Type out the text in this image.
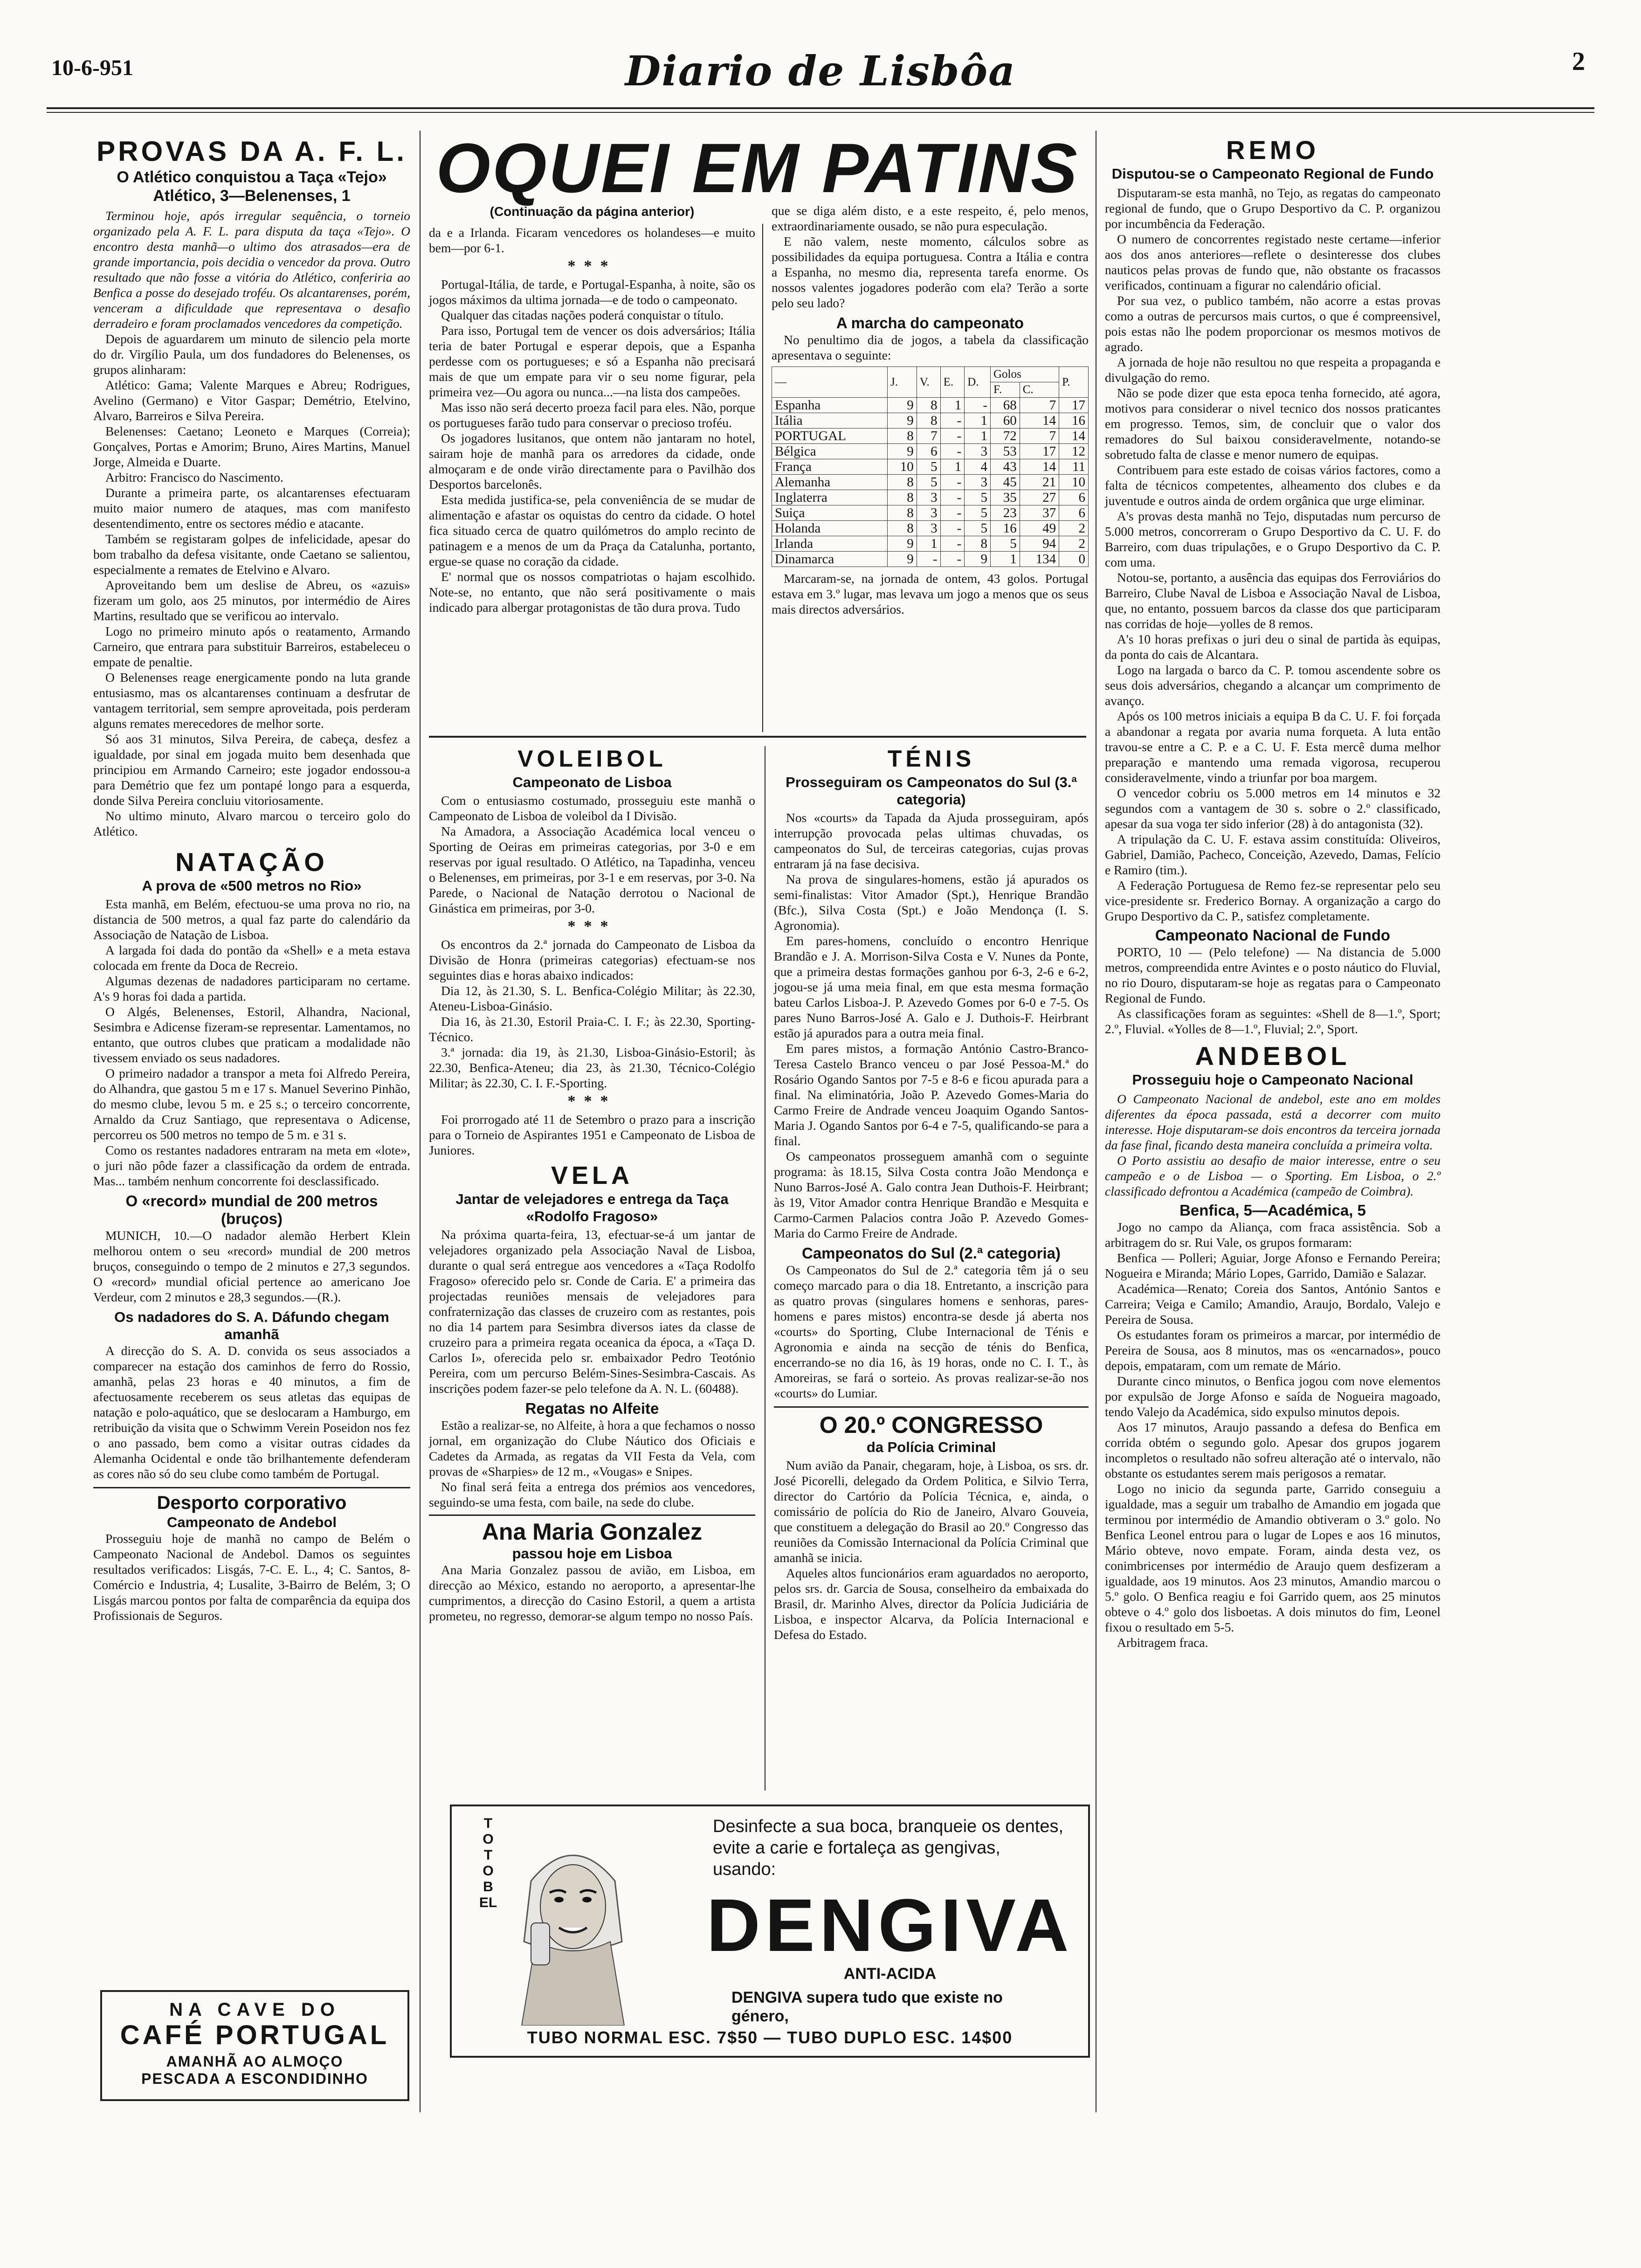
10-6-951	Diario de Lisbôa	2
PROVAS DA A. F. L.
O Atlético conquistou a Taça «Tejo»
Atlético, 3—Belenenses, 1

Terminou hoje, após irregular sequência, o torneio organizado pela A. F. L. para disputa da taça «Tejo». O encontro desta manhã—o ultimo dos atrasados—era de grande importancia, pois decidia o vencedor da prova. Outro resultado que não fosse a vitória do Atlético, conferiria ao Benfica a posse do desejado troféu. Os alcantarenses, porém, venceram a dificuldade que representava o desafio derradeiro e foram proclamados vencedores da competição.

Depois de aguardarem um minuto de silencio pela morte do dr. Virgílio Paula, um dos fundadores do Belenenses, os grupos alinharam:

Atlético: Gama; Valente Marques e Abreu; Rodrigues, Avelino (Germano) e Vitor Gaspar; Demétrio, Etelvino, Alvaro, Barreiros e Silva Pereira.

Belenenses: Caetano; Leoneto e Marques (Correia); Gonçalves, Portas e Amorim; Bruno, Aires Martins, Manuel Jorge, Almeida e Duarte.

Arbitro: Francisco do Nascimento.

Durante a primeira parte, os alcantarenses efectuaram muito maior numero de ataques, mas com manifesto desentendimento, entre os sectores médio e atacante.

Também se registaram golpes de infelicidade, apesar do bom trabalho da defesa visitante, onde Caetano se salientou, especialmente a remates de Etelvino e Alvaro.

Aproveitando bem um deslise de Abreu, os «azuis» fizeram um golo, aos 25 minutos, por intermédio de Aires Martins, resultado que se verificou ao intervalo.

Logo no primeiro minuto após o reatamento, Armando Carneiro, que entrara para substituir Barreiros, estabeleceu o empate de penaltie.

O Belenenses reage energicamente pondo na luta grande entusiasmo, mas os alcantarenses continuam a desfrutar de vantagem territorial, sem sempre aproveitada, pois perderam alguns remates merecedores de melhor sorte.

Só aos 31 minutos, Silva Pereira, de cabeça, desfez a igualdade, por sinal em jogada muito bem desenhada que principiou em Armando Carneiro; este jogador endossou-a para Demétrio que fez um pontapé longo para a esquerda, donde Silva Pereira concluiu vitoriosamente.

No ultimo minuto, Alvaro marcou o terceiro golo do Atlético.

NATAÇÃO
A prova de «500 metros no Rio»

Esta manhã, em Belém, efectuou-se uma prova no rio, na distancia de 500 metros, a qual faz parte do calendário da Associação de Natação de Lisboa.

A largada foi dada do pontão da «Shell» e a meta estava colocada em frente da Doca de Recreio.

Algumas dezenas de nadadores participaram no certame. A's 9 horas foi dada a partida.

O Algés, Belenenses, Estoril, Alhandra, Nacional, Sesimbra e Adicense fizeram-se representar. Lamentamos, no entanto, que outros clubes que praticam a modalidade não tivessem enviado os seus nadadores.

O primeiro nadador a transpor a meta foi Alfredo Pereira, do Alhandra, que gastou 5 m e 17 s. Manuel Severino Pinhão, do mesmo clube, levou 5 m. e 25 s.; o terceiro concorrente, Arnaldo da Cruz Santiago, que representava o Adicense, percorreu os 500 metros no tempo de 5 m. e 31 s.

Como os restantes nadadores entraram na meta em «lote», o juri não pôde fazer a classificação da ordem de entrada. Mas... também nenhum concorrente foi desclassificado.

O «record» mundial de 200 metros (bruços)

MUNICH, 10.—O nadador alemão Herbert Klein melhorou ontem o seu «record» mundial de 200 metros bruços, conseguindo o tempo de 2 minutos e 27,3 segundos. O «record» mundial oficial pertence ao americano Joe Verdeur, com 2 minutos e 28,3 segundos.—(R.).

Os nadadores do S. A. Dáfundo chegam amanhã

A direcção do S. A. D. convida os seus associados a comparecer na estação dos caminhos de ferro do Rossio, amanhã, pelas 23 horas e 40 minutos, a fim de afectuosamente receberem os seus atletas das equipas de natação e polo-aquático, que se deslocaram a Hamburgo, em retribuição da visita que o Schwimm Verein Poseidon nos fez o ano passado, bem como a visitar outras cidades da Alemanha Ocidental e onde tão brilhantemente defenderam as cores não só do seu clube como também de Portugal.

Desporto corporativo
Campeonato de Andebol

Prosseguiu hoje de manhã no campo de Belém o Campeonato Nacional de Andebol. Damos os seguintes resultados verificados: Lisgás, 7-C. E. L., 4; C. Santos, 8-Comércio e Industria, 4; Lusalite, 3-Bairro de Belém, 3; O Lisgás marcou pontos por falta de comparência da equipa dos Profissionais de Seguros.

NA CAVE DO
CAFÉ PORTUGAL
AMANHÃ AO ALMOÇO
PESCADA A ESCONDIDINHO
OQUEI EM PATINS
(Continuação da página anterior)

da e a Irlanda. Ficaram vencedores os holandeses—e muito bem—por 6-1.

***

Portugal-Itália, de tarde, e Portugal-Espanha, à noite, são os jogos máximos da ultima jornada—e de todo o campeonato.

Qualquer das citadas nações poderá conquistar o título.

Para isso, Portugal tem de vencer os dois adversários; Itália teria de bater Portugal e esperar depois, que a Espanha perdesse com os portugueses; e só a Espanha não precisará mais de que um empate para vir o seu nome figurar, pela primeira vez—Ou agora ou nunca...—na lista dos campeões.

Mas isso não será decerto proeza facil para eles. Não, porque os portugueses farão tudo para conservar o precioso troféu.

Os jogadores lusitanos, que ontem não jantaram no hotel, sairam hoje de manhã para os arredores da cidade, onde almoçaram e de onde virão directamente para o Pavilhão dos Desportos barcelonês.

Esta medida justifica-se, pela conveniência de se mudar de alimentação e afastar os oquistas do centro da cidade. O hotel fica situado cerca de quatro quilómetros do amplo recinto de patinagem e a menos de um da Praça da Catalunha, portanto, ergue-se quase no coração da cidade.

E' normal que os nossos compatriotas o hajam escolhido. Note-se, no entanto, que não será positivamente o mais indicado para albergar protagonistas de tão dura prova. Tudo

que se diga além disto, e a este respeito, é, pelo menos, extraordinariamente ousado, se não pura especulação.

E não valem, neste momento, cálculos sobre as possibilidades da equipa portuguesa. Contra a Itália e contra a Espanha, no mesmo dia, representa tarefa enorme. Os nossos valentes jogadores poderão com ela? Terão a sorte pelo seu lado?

A marcha do campeonato

No penultimo dia de jogos, a tabela da classificação apresentava o seguinte:

—	J.	V.	E.	D.	Golos		P.
					F.	C.	
Espanha	9	8	1	-	68	7	17
Itália	9	8	-	1	60	14	16
PORTUGAL	8	7	-	1	72	7	14
Bélgica	9	6	-	3	53	17	12
França	10	5	1	4	43	14	11
Alemanha	8	5	-	3	45	21	10
Inglaterra	8	3	-	5	35	27	6
Suiça	8	3	-	5	23	37	6
Holanda	8	3	-	5	16	49	2
Irlanda	9	1	-	8	5	94	2
Dinamarca	9	-	-	9	1	134	0

Marcaram-se, na jornada de ontem, 43 golos. Portugal estava em 3.º lugar, mas levava um jogo a menos que os seus mais directos adversários.

VOLEIBOL
Campeonato de Lisboa

Com o entusiasmo costumado, prosseguiu este manhã o Campeonato de Lisboa de voleibol da I Divisão.

Na Amadora, a Associação Académica local venceu o Sporting de Oeiras em primeiras categorias, por 3-0 e em reservas por igual resultado. O Atlético, na Tapadinha, venceu o Belenenses, em primeiras, por 3-1 e em reservas, por 3-0. Na Parede, o Nacional de Natação derrotou o Nacional de Ginástica em primeiras, por 3-0.

***

Os encontros da 2.ª jornada do Campeonato de Lisboa da Divisão de Honra (primeiras categorias) efectuam-se nos seguintes dias e horas abaixo indicados:

Dia 12, às 21.30, S. L. Benfica-Colégio Militar; às 22.30, Ateneu-Lisboa-Ginásio.

Dia 16, às 21.30, Estoril Praia-C. I. F.; às 22.30, Sporting-Técnico.

3.ª jornada: dia 19, às 21.30, Lisboa-Ginásio-Estoril; às 22.30, Benfica-Ateneu; dia 23, às 21.30, Técnico-Colégio Militar; às 22.30, C. I. F.-Sporting.

***

Foi prorrogado até 11 de Setembro o prazo para a inscrição para o Torneio de Aspirantes 1951 e Campeonato de Lisboa de Juniores.

VELA
Jantar de velejadores e entrega da Taça «Rodolfo Fragoso»

Na próxima quarta-feira, 13, efectuar-se-á um jantar de velejadores organizado pela Associação Naval de Lisboa, durante o qual será entregue aos vencedores a «Taça Rodolfo Fragoso» oferecido pelo sr. Conde de Caria. E' a primeira das projectadas reuniões mensais de velejadores para confraternização das classes de cruzeiro com as restantes, pois no dia 14 partem para Sesimbra diversos iates da classe de cruzeiro para a primeira regata oceanica da época, a «Taça D. Carlos I», oferecida pelo sr. embaixador Pedro Teotónio Pereira, com um percurso Belém-Sines-Sesimbra-Cascais. As inscrições podem fazer-se pelo telefone da A. N. L. (60488).

Regatas no Alfeite

Estão a realizar-se, no Alfeite, à hora a que fechamos o nosso jornal, em organização do Clube Náutico dos Oficiais e Cadetes da Armada, as regatas da VII Festa da Vela, com provas de «Sharpies» de 12 m., «Vougas» e Snipes.

No final será feita a entrega dos prémios aos vencedores, seguindo-se uma festa, com baile, na sede do clube.

Ana Maria Gonzalez
passou hoje em Lisboa

Ana Maria Gonzalez passou de avião, em Lisboa, em direcção ao México, estando no aeroporto, a apresentar-lhe cumprimentos, a direcção do Casino Estoril, a quem a artista prometeu, no regresso, demorar-se algum tempo no nosso País.

TÉNIS
Prosseguiram os Campeonatos do Sul (3.ª categoria)

Nos «courts» da Tapada da Ajuda prosseguiram, após interrupção provocada pelas ultimas chuvadas, os campeonatos do Sul, de terceiras categorias, cujas provas entraram já na fase decisiva.

Na prova de singulares-homens, estão já apurados os semi-finalistas: Vitor Amador (Spt.), Henrique Brandão (Bfc.), Silva Costa (Spt.) e João Mendonça (I. S. Agronomia).

Em pares-homens, concluído o encontro Henrique Brandão e J. A. Morrison-Silva Costa e V. Nunes da Ponte, que a primeira destas formações ganhou por 6-3, 2-6 e 6-2, jogou-se já uma meia final, em que esta mesma formação bateu Carlos Lisboa-J. P. Azevedo Gomes por 6-0 e 7-5. Os pares Nuno Barros-José A. Galo e J. Duthois-F. Heirbrant estão já apurados para a outra meia final.

Em pares mistos, a formação António Castro-Branco-Teresa Castelo Branco venceu o par José Pessoa-M.ª do Rosário Ogando Santos por 7-5 e 8-6 e ficou apurada para a final. Na eliminatória, João P. Azevedo Gomes-Maria do Carmo Freire de Andrade venceu Joaquim Ogando Santos-Maria J. Ogando Santos por 6-4 e 7-5, qualificando-se para a final.

Os campeonatos prosseguem amanhã com o seguinte programa: às 18.15, Silva Costa contra João Mendonça e Nuno Barros-José A. Galo contra Jean Duthois-F. Heirbrant; às 19, Vitor Amador contra Henrique Brandão e Mesquita e Carmo-Carmen Palacios contra João P. Azevedo Gomes-Maria do Carmo Freire de Andrade.

Campeonatos do Sul (2.ª categoria)

Os Campeonatos do Sul de 2.ª categoria têm já o seu começo marcado para o dia 18. Entretanto, a inscrição para as quatro provas (singulares homens e senhoras, pares-homens e pares mistos) encontra-se desde já aberta nos «courts» do Sporting, Clube Internacional de Ténis e Agronomia e ainda na secção de ténis do Benfica, encerrando-se no dia 16, às 19 horas, onde no C. I. T., às Amoreiras, se fará o sorteio. As provas realizar-se-ão nos «courts» do Lumiar.

O 20.º CONGRESSO
da Polícia Criminal

Num avião da Panair, chegaram, hoje, à Lisboa, os srs. dr. José Picorelli, delegado da Ordem Politica, e Silvio Terra, director do Cartório da Polícia Técnica, e, ainda, o comissário de polícia do Rio de Janeiro, Alvaro Gouveia, que constituem a delegação do Brasil ao 20.º Congresso das reuniões da Comissão Internacional da Polícia Criminal que amanhã se inicia.

Aqueles altos funcionários eram aguardados no aeroporto, pelos srs. dr. Garcia de Sousa, conselheiro da embaixada do Brasil, dr. Marinho Alves, director da Polícia Judiciária de Lisboa, e inspector Alcarva, da Polícia Internacional e Defesa do Estado.

TOTOBEL
Desinfecte a sua boca, branqueie os dentes, evite a carie e fortaleça as gengivas, usando:
DENGIVA
ANTI-ACIDA
DENGIVA supera tudo que existe no género,
TUBO NORMAL ESC. 7$50 — TUBO DUPLO ESC. 14$00
REMO
Disputou-se o Campeonato Regional de Fundo

Disputaram-se esta manhã, no Tejo, as regatas do campeonato regional de fundo, que o Grupo Desportivo da C. P. organizou por incumbência da Federação.

O numero de concorrentes registado neste certame—inferior aos dos anos anteriores—reflete o desinteresse dos clubes nauticos pelas provas de fundo que, não obstante os fracassos verificados, continuam a figurar no calendário oficial.

Por sua vez, o publico também, não acorre a estas provas como a outras de percursos mais curtos, o que é compreensivel, pois estas não lhe podem proporcionar os mesmos motivos de agrado.

A jornada de hoje não resultou no que respeita a propaganda e divulgação do remo.

Não se pode dizer que esta epoca tenha fornecido, até agora, motivos para considerar o nivel tecnico dos nossos praticantes em progresso. Temos, sim, de concluir que o valor dos remadores do Sul baixou consideravelmente, notando-se sobretudo falta de classe e menor numero de equipas.

Contribuem para este estado de coisas vários factores, como a falta de técnicos competentes, alheamento dos clubes e da juventude e outros ainda de ordem orgânica que urge eliminar.

A's provas desta manhã no Tejo, disputadas num percurso de 5.000 metros, concorreram o Grupo Desportivo da C. U. F. do Barreiro, com duas tripulações, e o Grupo Desportivo da C. P. com uma.

Notou-se, portanto, a ausência das equipas dos Ferroviários do Barreiro, Clube Naval de Lisboa e Associação Naval de Lisboa, que, no entanto, possuem barcos da classe dos que participaram nas corridas de hoje—yolles de 8 remos.

A's 10 horas prefixas o juri deu o sinal de partida às equipas, da ponta do cais de Alcantara.

Logo na largada o barco da C. P. tomou ascendente sobre os seus dois adversários, chegando a alcançar um comprimento de avanço.

Após os 100 metros iniciais a equipa B da C. U. F. foi forçada a abandonar a regata por avaria numa forqueta. A luta então travou-se entre a C. P. e a C. U. F. Esta mercê duma melhor preparação e mantendo uma remada vigorosa, recuperou consideravelmente, vindo a triunfar por boa margem.

O vencedor cobriu os 5.000 metros em 14 minutos e 32 segundos com a vantagem de 30 s. sobre o 2.º classificado, apesar da sua voga ter sido inferior (28) à do antagonista (32).

A tripulação da C. U. F. estava assim constituída: Oliveiros, Gabriel, Damião, Pacheco, Conceição, Azevedo, Damas, Felício e Ramiro (tim.).

A Federação Portuguesa de Remo fez-se representar pelo seu vice-presidente sr. Frederico Bornay. A organização a cargo do Grupo Desportivo da C. P., satisfez completamente.

Campeonato Nacional de Fundo

PORTO, 10 — (Pelo telefone) — Na distancia de 5.000 metros, compreendida entre Avintes e o posto náutico do Fluvial, no rio Douro, disputaram-se hoje as regatas para o Campeonato Regional de Fundo.

As classificações foram as seguintes: «Shell de 8—1.º, Sport; 2.º, Fluvial. «Yolles de 8—1.º, Fluvial; 2.º, Sport.

ANDEBOL
Prosseguiu hoje o Campeonato Nacional

O Campeonato Nacional de andebol, este ano em moldes diferentes da época passada, está a decorrer com muito interesse. Hoje disputaram-se dois encontros da terceira jornada da fase final, ficando desta maneira concluída a primeira volta.

O Porto assistiu ao desafio de maior interesse, entre o seu campeão e o de Lisboa — o Sporting. Em Lisboa, o 2.º classificado defrontou a Académica (campeão de Coimbra).

Benfica, 5—Académica, 5

Jogo no campo da Aliança, com fraca assistência. Sob a arbitragem do sr. Rui Vale, os grupos formaram:

Benfica — Polleri; Aguiar, Jorge Afonso e Fernando Pereira; Nogueira e Miranda; Mário Lopes, Garrido, Damião e Salazar.

Académica—Renato; Coreia dos Santos, António Santos e Carreira; Veiga e Camilo; Amandio, Araujo, Bordalo, Valejo e Pereira de Sousa.

Os estudantes foram os primeiros a marcar, por intermédio de Pereira de Sousa, aos 8 minutos, mas os «encarnados», pouco depois, empataram, com um remate de Mário.

Durante cinco minutos, o Benfica jogou com nove elementos por expulsão de Jorge Afonso e saída de Nogueira magoado, tendo Valejo da Académica, sido expulso minutos depois.

Aos 17 minutos, Araujo passando a defesa do Benfica em corrida obtém o segundo golo. Apesar dos grupos jogarem incompletos o resultado não sofreu alteração até o intervalo, não obstante os estudantes serem mais perigosos a rematar.

Logo no inicio da segunda parte, Garrido conseguiu a igualdade, mas a seguir um trabalho de Amandio em jogada que terminou por intermédio de Amandio obtiveram o 3.º golo. No Benfica Leonel entrou para o lugar de Lopes e aos 16 minutos, Mário obteve, novo empate. Foram, ainda desta vez, os conimbricenses por intermédio de Araujo quem desfizeram a igualdade, aos 19 minutos. Aos 23 minutos, Amandio marcou o 5.º golo. O Benfica reagiu e foi Garrido quem, aos 25 minutos obteve o 4.º golo dos lisboetas. A dois minutos do fim, Leonel fixou o resultado em 5-5.

Arbitragem fraca.
